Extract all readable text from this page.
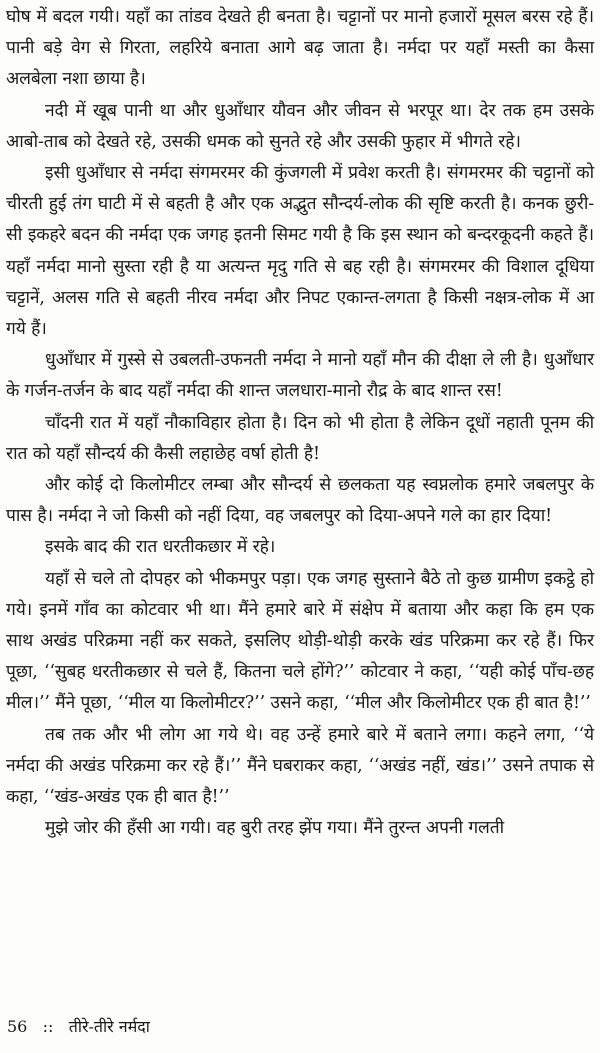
घोष में बदल गयी। यहाँ का तांडव देखते ही बनता है। चट्टानों पर मानो हजारों मूसल बरस रहे हैं। पानी बड़े वेग से गिरता, लहरिये बनाता आगे बढ़ जाता है। नर्मदा पर यहाँ मस्ती का कैसा अलबेला नशा छाया है।

नदी में खूब पानी था और धुआँधार यौवन और जीवन से भरपूर था। देर तक हम उसके आबो-ताब को देखते रहे, उसकी धमक को सुनते रहे और उसकी फुहार में भीगते रहे।

इसी धुआँधार से नर्मदा संगमरमर की कुंजगली में प्रवेश करती है। संगमरमर की चट्टानों को चीरती हुई तंग घाटी में से बहती है और एक अद्भुत सौन्दर्य-लोक की सृष्टि करती है। कनक छुरी-सी इकहरे बदन की नर्मदा एक जगह इतनी सिमट गयी है कि इस स्थान को बन्दरकूदनी कहते हैं। यहाँ नर्मदा मानो सुस्ता रही है या अत्यन्त मृदु गति से बह रही है। संगमरमर की विशाल दूधिया चट्टानें, अलस गति से बहती नीरव नर्मदा और निपट एकान्त-लगता है किसी नक्षत्र-लोक में आ गये हैं।

धुआँधार में गुस्से से उबलती-उफनती नर्मदा ने मानो यहाँ मौन की दीक्षा ले ली है। धुआँधार के गर्जन-तर्जन के बाद यहाँ नर्मदा की शान्त जलधारा-मानो रौद्र के बाद शान्त रस!

चाँदनी रात में यहाँ नौकाविहार होता है। दिन को भी होता है लेकिन दूधों नहाती पूनम की रात को यहाँ सौन्दर्य की कैसी लहाछेह वर्षा होती है!

और कोई दो किलोमीटर लम्बा और सौन्दर्य से छलकता यह स्वप्नलोक हमारे जबलपुर के पास है। नर्मदा ने जो किसी को नहीं दिया, वह जबलपुर को दिया-अपने गले का हार दिया!

इसके बाद की रात धरतीकछार में रहे।

यहाँ से चले तो दोपहर को भीकमपुर पड़ा। एक जगह सुस्ताने बैठे तो कुछ ग्रामीण इकट्ठे हो गये। इनमें गाँव का कोटवार भी था। मैंने हमारे बारे में संक्षेप में बताया और कहा कि हम एक साथ अखंड परिक्रमा नहीं कर सकते, इसलिए थोड़ी-थोड़ी करके खंड परिक्रमा कर रहे हैं। फिर पूछा, ‘‘सुबह धरतीकछार से चले हैं, कितना चले होंगे?’’ कोटवार ने कहा, ‘‘यही कोई पाँच-छह मील।’’ मैंने पूछा, ‘‘मील या किलोमीटर?’’ उसने कहा, ‘‘मील और किलोमीटर एक ही बात है!’’

तब तक और भी लोग आ गये थे। वह उन्हें हमारे बारे में बताने लगा। कहने लगा, ‘‘ये नर्मदा की अखंड परिक्रमा कर रहे हैं।’’ मैंने घबराकर कहा, ‘‘अखंड नहीं, खंड।’’ उसने तपाक से कहा, ‘‘खंड-अखंड एक ही बात है!’’

मुझे जोर की हँसी आ गयी। वह बुरी तरह झेंप गया। मैंने तुरन्त अपनी गलती

56 :: तीरे-तीरे नर्मदा
